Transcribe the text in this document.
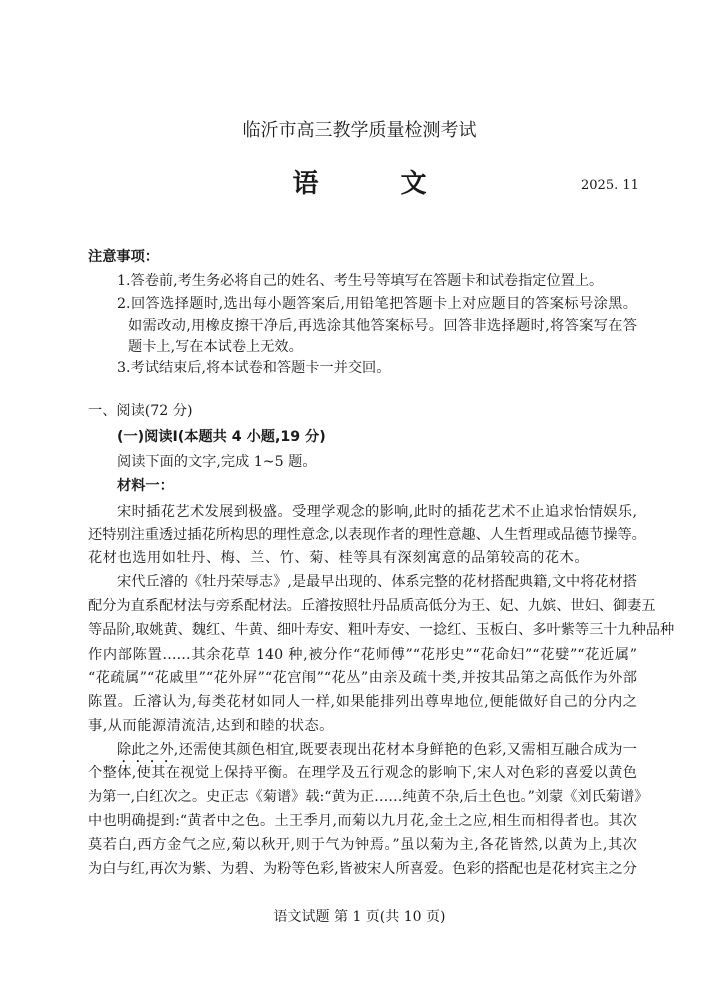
临沂市高三教学质量检测考试
语　文	2025. 11
注意事项：
1.答卷前,考生务必将自己的姓名、考生号等填写在答题卡和试卷指定位置上。
2.回答选择题时,选出每小题答案后,用铅笔把答题卡上对应题目的答案标号涂黑。
如需改动,用橡皮擦干净后,再选涂其他答案标号。回答非选择题时,将答案写在答
题卡上,写在本试卷上无效。
3.考试结束后,将本试卷和答题卡一并交回。
一、阅读(72 分)
(一)阅读Ⅰ(本题共 4 小题,19 分)
阅读下面的文字,完成 1~5 题。
材料一：
宋时插花艺术发展到极盛。受理学观念的影响,此时的插花艺术不止追求怡情娱乐,
还特别注重透过插花所构思的理性意念,以表现作者的理性意趣、人生哲理或品德节操等。
花材也选用如牡丹、梅、兰、竹、菊、桂等具有深刻寓意的品第较高的花木。
宋代丘濬的《牡丹荣辱志》,是最早出现的、体系完整的花材搭配典籍,文中将花材搭
配分为直系配材法与旁系配材法。丘濬按照牡丹品质高低分为王、妃、九嫔、世妇、御妻五
等品阶,取姚黄、魏红、牛黄、细叶寿安、粗叶寿安、一捻红、玉板白、多叶紫等三十九种品种
作内部陈置……其余花草 140 种,被分作“花师傅”“花彤史”“花命妇”“花嬖”“花近属”
“花疏属”“花戚里”“花外屏”“花宫闱”“花丛”由亲及疏十类,并按其品第之高低作为外部
陈置。丘濬认为,每类花材如同人一样,如果能排列出尊卑地位,便能做好自己的分内之
事,从而能源清流洁,达到和睦的状态。
除此之外 ,还需使其颜色相宜,既要表现出花材本身鲜艳的色彩,又需相互融合成为一
个整体,使其在视觉上保持平衡。在理学及五行观念的影响下,宋人对色彩的喜爱以黄色
为第一,白红次之。史正志《菊谱》载:“黄为正……纯黄不杂,后土色也。”刘蒙《刘氏菊谱》
中也明确提到:“黄者中之色。土王季月,而菊以九月花,金土之应,相生而相得者也。其次
莫若白,西方金气之应,菊以秋开,则于气为钟焉。”虽以菊为主,各花皆然,以黄为上,其次
为白与红,再次为紫、为碧、为粉等色彩,皆被宋人所喜爱。色彩的搭配也是花材宾主之分
语文试题 第 1 页(共 10 页)
